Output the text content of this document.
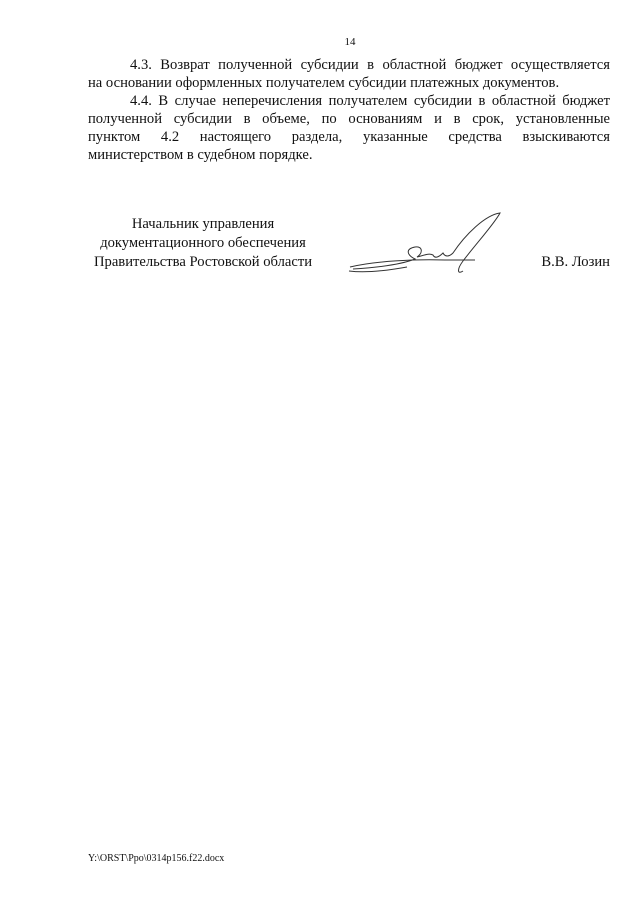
14
4.3. Возврат полученной субсидии в областной бюджет осуществляется
на основании оформленных получателем субсидии платежных документов.
4.4. В случае неперечисления получателем субсидии в областной бюджет
полученной субсидии в объеме, по основаниям и в срок, установленные
пунктом 4.2 настоящего раздела, указанные средства взыскиваются
министерством в судебном порядке.
Начальник управления
документационного обеспечения
Правительства Ростовской области	В.В. Лозин
Y:\ORST\Ppo\0314p156.f22.docx
